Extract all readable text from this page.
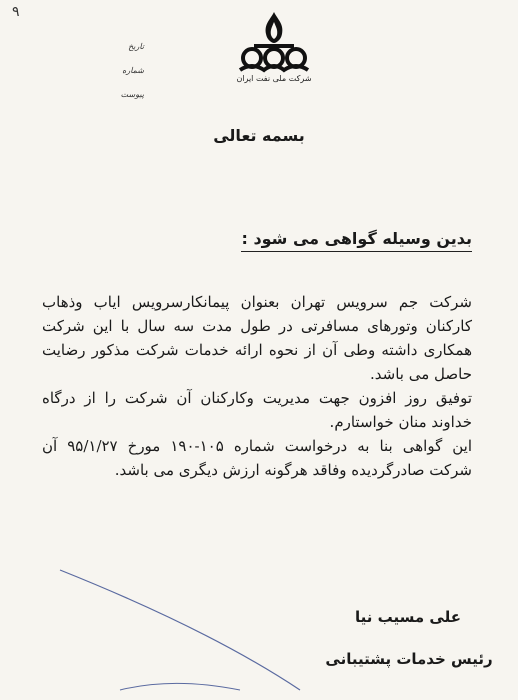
۹
شرکت ملی نفت ایران
تاریخ
شماره
پیوست
بسمه تعالی
بدین وسیله گواهی می شود :

شرکت جم سرویس تهران بعنوان پیمانکارسرویس ایاب وذهاب کارکنان وتورهای مسافرتی در طول مدت سه سال با این شرکت همکاری داشته وطی آن از نحوه ارائه خدمات شرکت مذکور رضایت حاصل می باشد.

توفیق روز افزون جهت مدیریت وکارکنان آن شرکت را از درگاه خداوند منان خواستارم.

این گواهی بنا به درخواست شماره ۱۰۵-۱۹۰ مورخ ۹۵/۱/۲۷ آن شرکت صادرگردیده وفاقد هرگونه ارزش دیگری می باشد.

علی مسیب نیا
رئیس خدمات پشتیبانی
